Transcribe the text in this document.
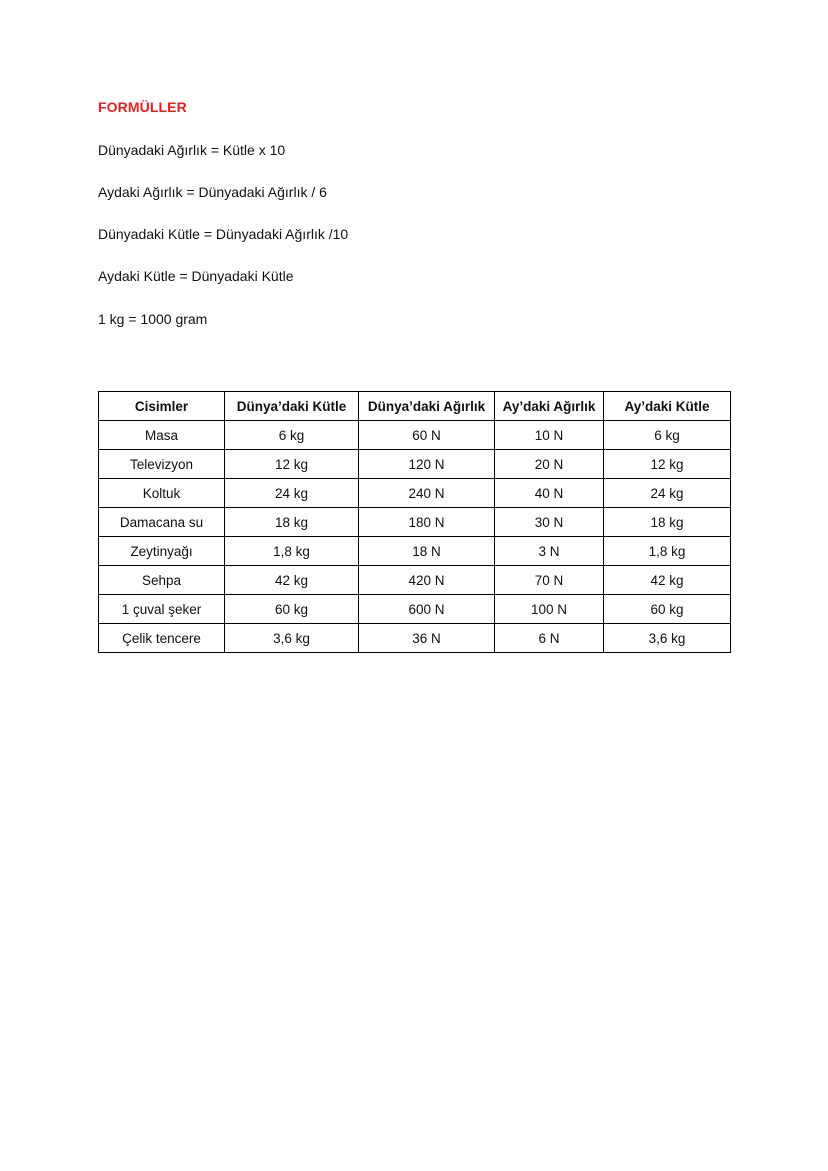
FORMÜLLER
Dünyadaki Ağırlık = Kütle x 10
Aydaki Ağırlık = Dünyadaki Ağırlık / 6
Dünyadaki Kütle = Dünyadaki Ağırlık /10
Aydaki Kütle = Dünyadaki Kütle
1 kg = 1000 gram
Cisimler	Dünya’daki Kütle	Dünya’daki Ağırlık	Ay’daki Ağırlık	Ay’daki Kütle
Masa	6 kg	60 N	10 N	6 kg
Televizyon	12 kg	120 N	20 N	12 kg
Koltuk	24 kg	240 N	40 N	24 kg
Damacana su	18 kg	180 N	30 N	18 kg
Zeytinyağı	1,8 kg	18 N	3 N	1,8 kg
Sehpa	42 kg	420 N	70 N	42 kg
1 çuval şeker	60 kg	600 N	100 N	60 kg
Çelik tencere	3,6 kg	36 N	6 N	3,6 kg
